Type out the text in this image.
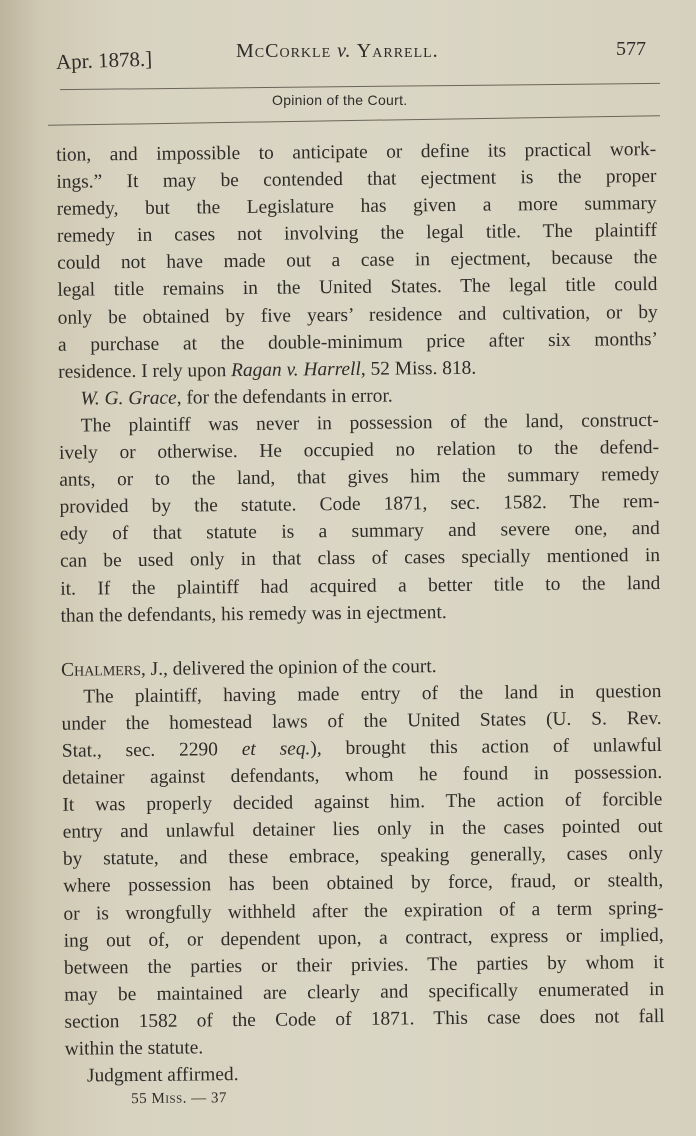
Apr. 1878.]	McCorkle v. Yarrell.	577
Opinion of the Court.

tion, and impossible to anticipate or define its practical work-

ings.” It may be contended that ejectment is the proper

remedy, but the Legislature has given a more summary

remedy in cases not involving the legal title. The plaintiff

could not have made out a case in ejectment, because the

legal title remains in the United States. The legal title could

only be obtained by five years’ residence and cultivation, or by

a purchase at the double-minimum price after six months’

residence. I rely upon Ragan v. Harrell, 52 Miss. 818.

W. G. Grace, for the defendants in error.

The plaintiff was never in possession of the land, construct-

ively or otherwise. He occupied no relation to the defend-

ants, or to the land, that gives him the summary remedy

provided by the statute. Code 1871, sec. 1582. The rem-

edy of that statute is a summary and severe one, and

can be used only in that class of cases specially mentioned in

it. If the plaintiff had acquired a better title to the land

than the defendants, his remedy was in ejectment.

Chalmers, J., delivered the opinion of the court.

The plaintiff, having made entry of the land in question

under the homestead laws of the United States (U. S. Rev.

Stat., sec. 2290 et seq.), brought this action of unlawful

detainer against defendants, whom he found in possession.

It was properly decided against him. The action of forcible

entry and unlawful detainer lies only in the cases pointed out

by statute, and these embrace, speaking generally, cases only

where possession has been obtained by force, fraud, or stealth,

or is wrongfully withheld after the expiration of a term spring-

ing out of, or dependent upon, a contract, express or implied,

between the parties or their privies. The parties by whom it

may be maintained are clearly and specifically enumerated in

section 1582 of the Code of 1871. This case does not fall

within the statute.

Judgment affirmed.

55 Miss. — 37
